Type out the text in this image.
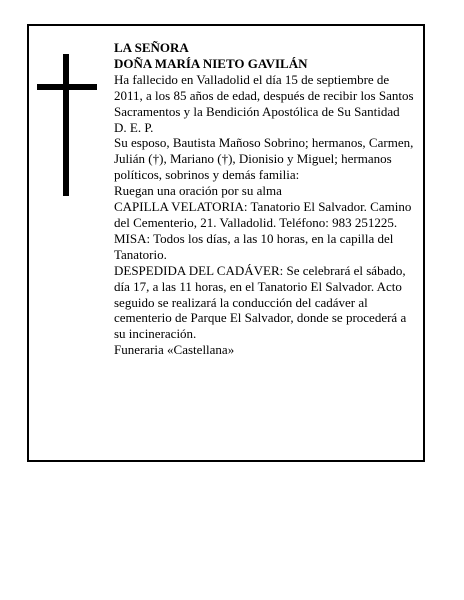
LA SEÑORA

DOÑA MARÍA NIETO GAVILÁN

Ha fallecido en Valladolid el día 15 de septiembre de 2011, a los 85 años de edad, después de recibir los Santos Sacramentos y la Bendición Apostólica de Su Santidad

D. E. P.

Su esposo, Bautista Mañoso Sobrino; hermanos, Carmen, Julián (†), Mariano (†), Dionisio y Miguel; hermanos políticos, sobrinos y demás familia:

Ruegan una oración por su alma

CAPILLA VELATORIA: Tanatorio El Salvador. Camino del Cementerio, 21. Valladolid. Teléfono: 983 251225.

MISA: Todos los días, a las 10 horas, en la capilla del Tanatorio.

DESPEDIDA DEL CADÁVER: Se celebrará el sábado, día 17, a las 11 horas, en el Tanatorio El Salvador. Acto seguido se realizará la conducción del cadáver al cementerio de Parque El Salvador, donde se procederá a su incineración.

Funeraria «Castellana»
